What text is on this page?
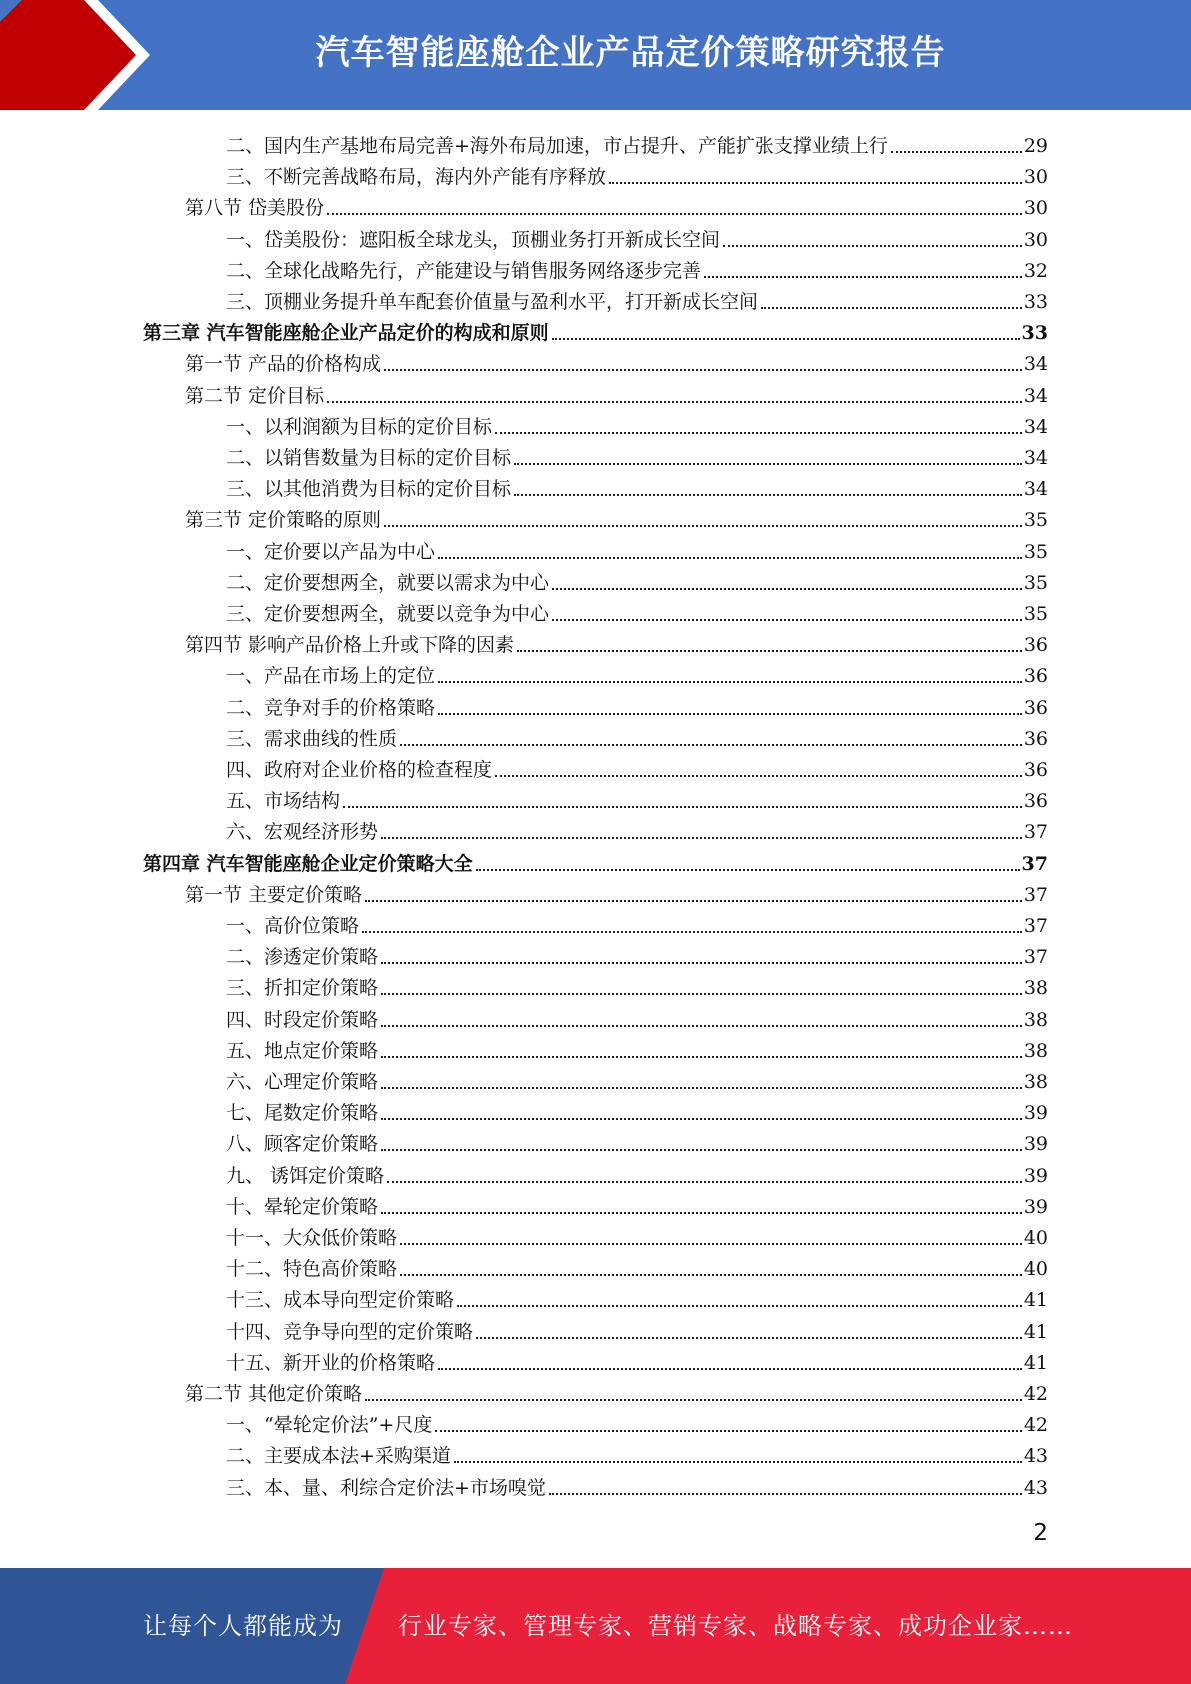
汽车智能座舱企业产品定价策略研究报告
二、国内生产基地布局完善+海外布局加速，市占提升、产能扩张支撑业绩上行	29
三、不断完善战略布局，海内外产能有序释放	30
第八节 岱美股份	30
一、岱美股份：遮阳板全球龙头，顶棚业务打开新成长空间	30
二、全球化战略先行，产能建设与销售服务网络逐步完善	32
三、顶棚业务提升单车配套价值量与盈利水平，打开新成长空间	33
第三章 汽车智能座舱企业产品定价的构成和原则	33
第一节 产品的价格构成	34
第二节 定价目标	34
一、以利润额为目标的定价目标	34
二、以销售数量为目标的定价目标	34
三、以其他消费为目标的定价目标	34
第三节 定价策略的原则	35
一、定价要以产品为中心	35
二、定价要想两全，就要以需求为中心	35
三、定价要想两全，就要以竞争为中心	35
第四节 影响产品价格上升或下降的因素	36
一、产品在市场上的定位	36
二、竞争对手的价格策略	36
三、需求曲线的性质	36
四、政府对企业价格的检查程度	36
五、市场结构	36
六、宏观经济形势	37
第四章 汽车智能座舱企业定价策略大全	37
第一节 主要定价策略	37
一、高价位策略	37
二、渗透定价策略	37
三、折扣定价策略	38
四、时段定价策略	38
五、地点定价策略	38
六、心理定价策略	38
七、尾数定价策略	39
八、顾客定价策略	39
九、 诱饵定价策略	39
十、晕轮定价策略	39
十一、大众低价策略	40
十二、特色高价策略	40
十三、成本导向型定价策略	41
十四、竞争导向型的定价策略	41
十五、新开业的价格策略	41
第二节 其他定价策略	42
一、“晕轮定价法”+尺度	42
二、主要成本法+采购渠道	43
三、本、量、利综合定价法+市场嗅觉	43
2
让每个人都能成为 行业专家、管理专家、营销专家、战略专家、成功企业家……
